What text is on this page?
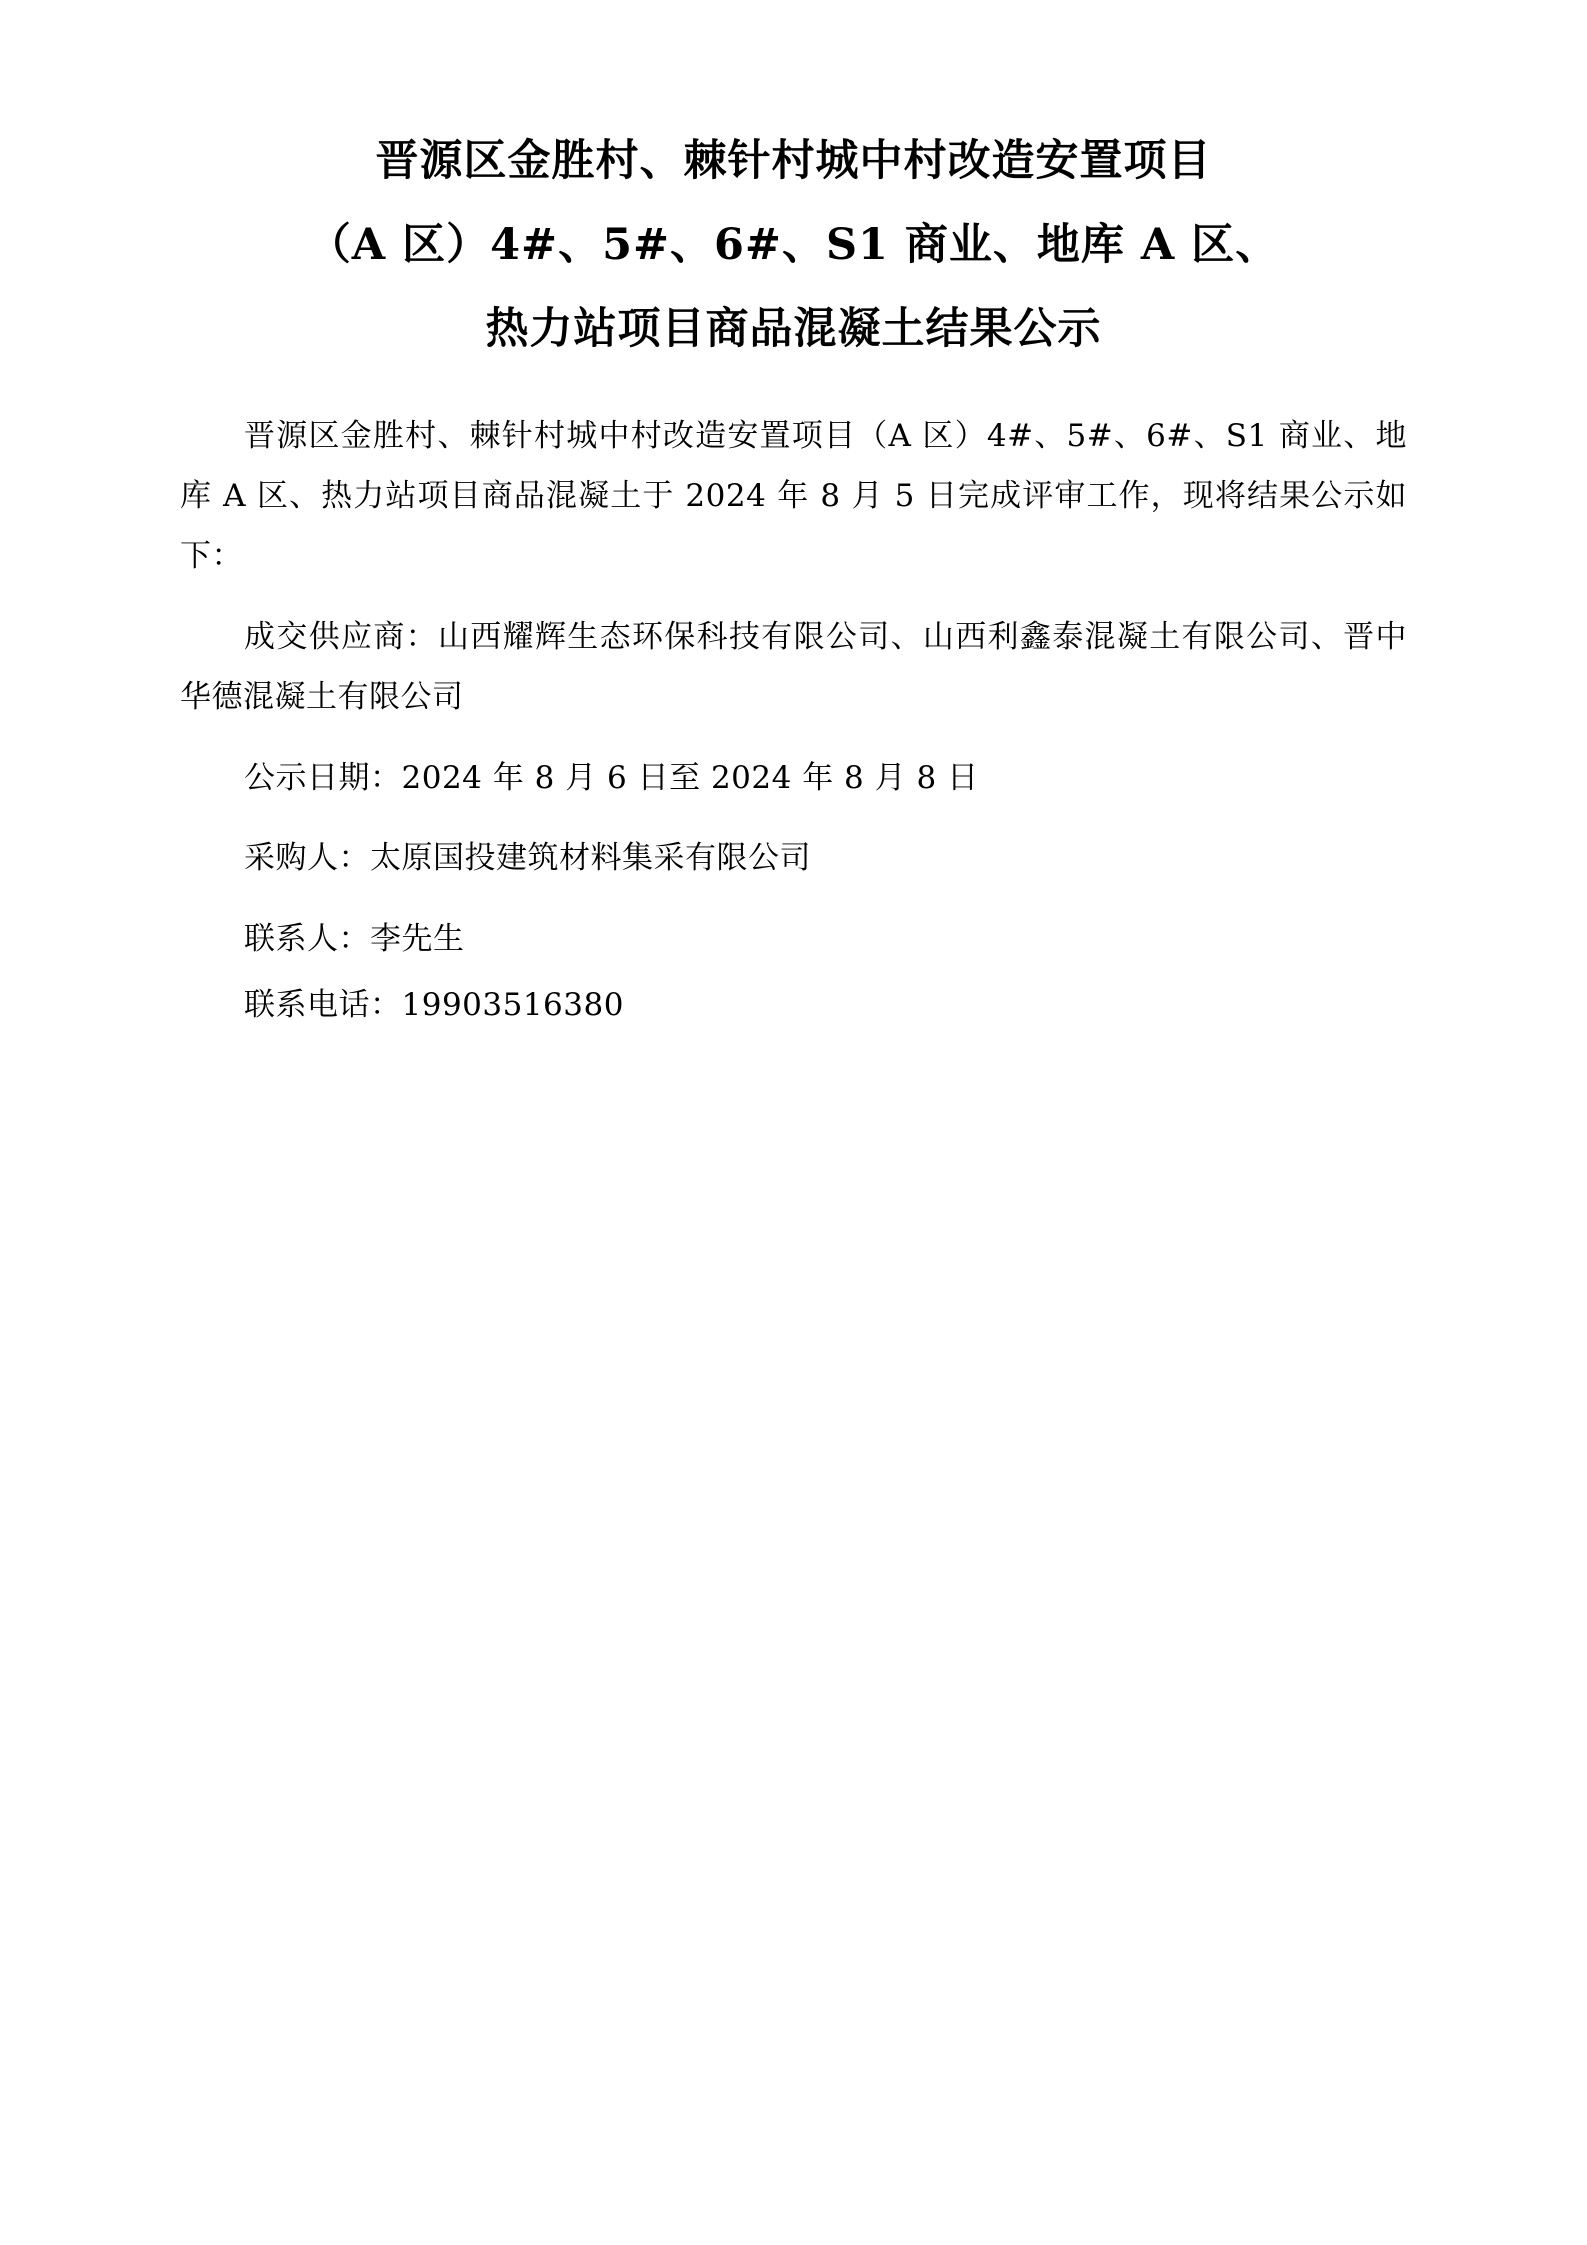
晋源区金胜村、棘针村城中村改造安置项目
（A 区）4#、5#、6#、S1 商业、地库 A 区、
热力站项目商品混凝土结果公示

晋源区金胜村、棘针村城中村改造安置项目（A 区）4#、5#、6#、S1 商业、地库 A 区、热力站项目商品混凝土于 2024 年 8 月 5 日完成评审工作，现将结果公示如下：

成交供应商：山西耀辉生态环保科技有限公司、山西利鑫泰混凝土有限公司、晋中华德混凝土有限公司

公示日期：2024 年 8 月 6 日至 2024 年 8 月 8 日

采购人：太原国投建筑材料集采有限公司

联系人：李先生

联系电话：19903516380
